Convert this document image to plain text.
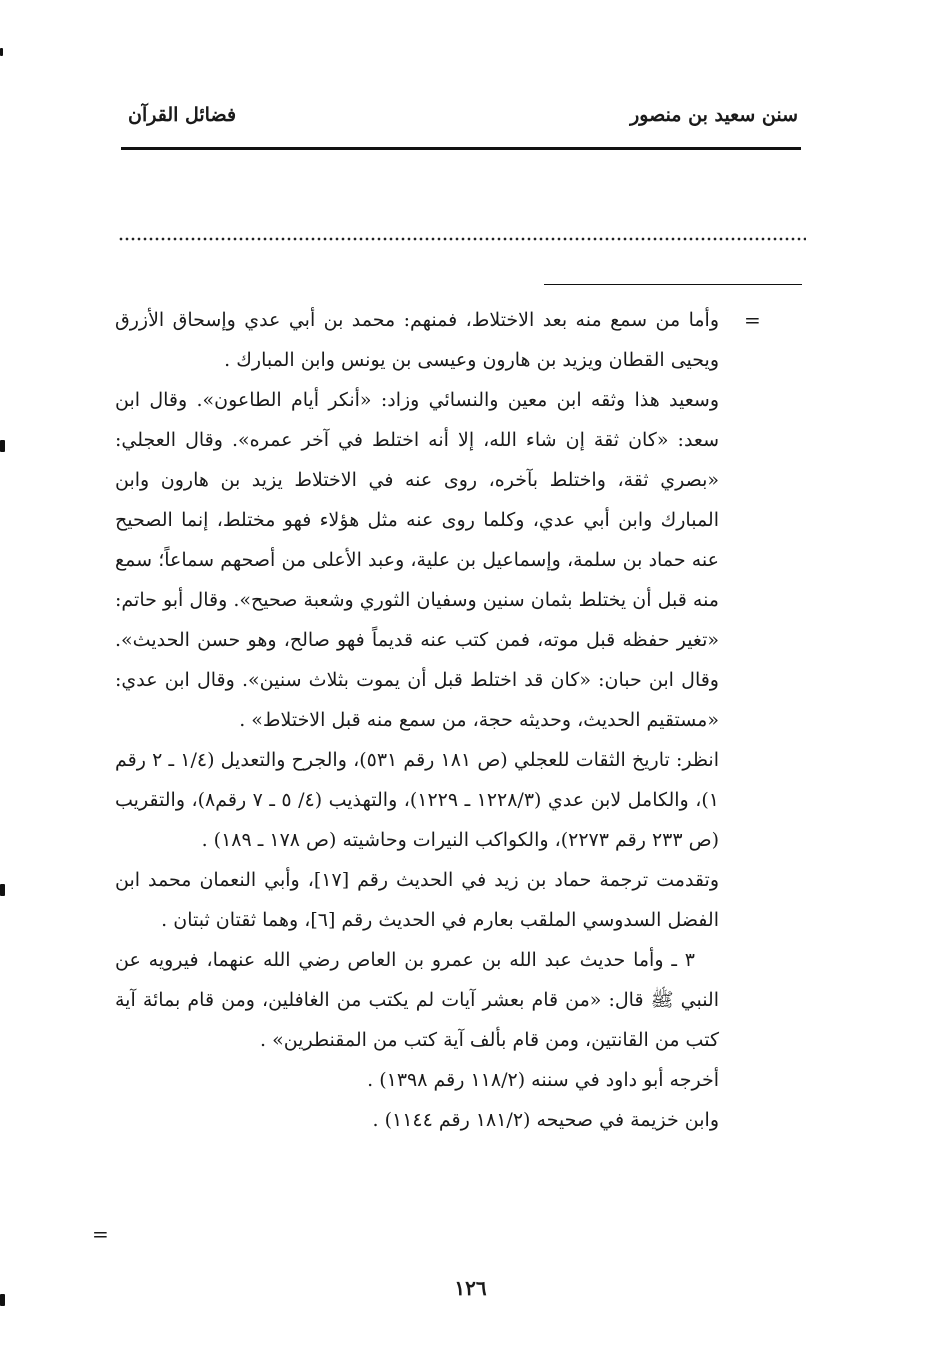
سنن سعيد بن منصور
فضائل القرآن
=

وأما من سمع منه بعد الاختلاط، فمنهم: محمد بن أبي عدي وإسحاق الأزرق ويحيى القطان ويزيد بن هارون وعيسى بن يونس وابن المبارك .

وسعيد هذا وثقه ابن معين والنسائي وزاد: «أنكر أيام الطاعون». وقال ابن سعد: «كان ثقة إن شاء الله، إلا أنه اختلط في آخر عمره». وقال العجلي: «بصري ثقة، واختلط بآخره، روى عنه في الاختلاط يزيد بن هارون وابن المبارك وابن أبي عدي، وكلما روى عنه مثل هؤلاء فهو مختلط، إنما الصحيح عنه حماد بن سلمة، وإسماعيل بن علية، وعبد الأعلى من أصحهم سماعاً؛ سمع منه قبل أن يختلط بثمان سنين وسفيان الثوري وشعبة صحيح». وقال أبو حاتم: «تغير حفظه قبل موته، فمن كتب عنه قديماً فهو صالح، وهو حسن الحديث». وقال ابن حبان: «كان قد اختلط قبل أن يموت بثلاث سنين». وقال ابن عدي: «مستقيم الحديث، وحديثه حجة، من سمع منه قبل الاختلاط» .

انظر: تاريخ الثقات للعجلي (ص ١٨١ رقم ٥٣١)، والجرح والتعديل (١/٤ ـ ٢ رقم ١)، والكامل لابن عدي (١٢٢٨/٣ ـ ١٢٢٩)، والتهذيب (٤/ ٥ ـ ٧ رقم٨)، والتقريب (ص ٢٣٣ رقم ٢٢٧٣)، والكواكب النيرات وحاشيته (ص ١٧٨ ـ ١٨٩) .

وتقدمت ترجمة حماد بن زيد في الحديث رقم [١٧]، وأبي النعمان محمد ابن الفضل السدوسي الملقب بعارم في الحديث رقم [٦]، وهما ثقتان ثبتان .

٣ ـ وأما حديث عبد الله بن عمرو بن العاص رضي الله عنهما، فيرويه عن النبي ﷺ قال: «من قام بعشر آيات لم يكتب من الغافلين، ومن قام بمائة آية كتب من القانتين، ومن قام بألف آية كتب من المقنطرين» .

أخرجه أبو داود في سننه (١١٨/٢ رقم ١٣٩٨) .

وابن خزيمة في صحيحه (١٨١/٢ رقم ١١٤٤) .

=
١٢٦
